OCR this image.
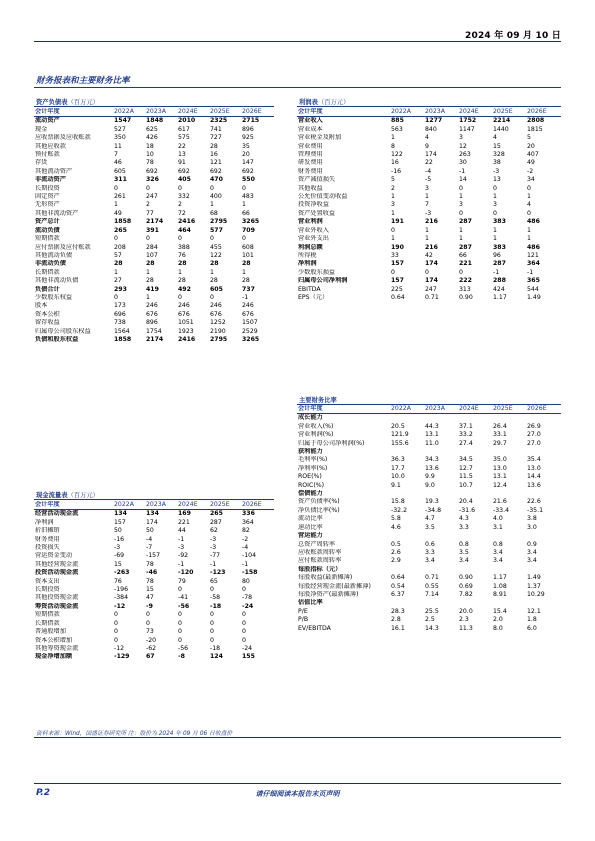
2024 年 09 月 10 日
财务报表和主要财务比率
资产负债表（百万元）
会计年度	2022A	2023A	2024E	2025E	2026E
流动资产	1547	1848	2010	2325	2715
现金	527	625	617	741	896
应收票据及应收账款	350	426	575	727	925
其他应收款	11	18	22	28	35
预付账款	7	10	13	16	20
存货	46	78	91	121	147
其他流动资产	605	692	692	692	692
非流动资产	311	326	405	470	550
长期投资	0	0	0	0	0
固定资产	261	247	332	400	483
无形资产	1	2	2	1	1
其他非流动资产	49	77	72	68	66
资产总计	1858	2174	2416	2795	3265
流动负债	265	391	464	577	709
短期借款	0	0	0	0	0
应付票据及应付账款	208	284	388	455	608
其他流动负债	57	107	76	122	101
非流动负债	28	28	28	28	28
长期借款	1	1	1	1	1
其他非流动负债	27	28	28	28	28
负债合计	293	419	492	605	737
少数股东权益	0	1	0	0	-1
股本	173	246	246	246	246
资本公积	696	676	676	676	676
留存收益	738	896	1051	1252	1507
归属母公司股东权益	1564	1754	1923	2190	2529
负债和股东权益	1858	2174	2416	2795	3265
现金流量表（百万元）
会计年度	2022A	2023A	2024E	2025E	2026E
经营活动现金流	134	134	169	265	336
净利润	157	174	221	287	364
折旧摊销	50	50	44	62	82
财务费用	-16	-4	-1	-3	-2
投资损失	-3	-7	-3	-3	-4
营运资金变动	-69	-157	-92	-77	-104
其他经营现金流	15	78	-1	-1	-1
投资活动现金流	-263	-46	-120	-123	-158
资本支出	76	78	79	65	80
长期投资	-196	15	0	0	0
其他投资现金流	-384	47	-41	-58	-78
筹资活动现金流	-12	-9	-56	-18	-24
短期借款	0	0	0	0	0
长期借款	0	0	0	0	0
普通股增加	0	73	0	0	0
资本公积增加	0	-20	0	0	0
其他筹资现金流	-12	-62	-56	-18	-24
现金净增加额	-129	67	-8	124	155
利润表（百万元）
会计年度	2022A	2023A	2024E	2025E	2026E
营业收入	885	1277	1752	2214	2808
营业成本	563	840	1147	1440	1815
营业税金及附加	1	4	3	4	5
营业费用	8	9	12	15	20
管理费用	122	174	263	328	407
研发费用	16	22	30	38	49
财务费用	-16	-4	-1	-3	-2
资产减值损失	5	-5	14	13	34
其他收益	2	3	0	0	0
公允价值变动收益	1	1	1	1	1
投资净收益	3	7	3	3	4
资产处置收益	1	-3	0	0	0
营业利润	191	216	287	383	486
营业外收入	0	1	1	1	1
营业外支出	1	1	1	1	1
利润总额	190	216	287	383	486
所得税	33	42	66	96	121
净利润	157	174	221	287	364
少数股东损益	0	0	0	-1	-1
归属母公司净利润	157	174	222	288	365
EBITDA	225	247	313	424	544
EPS（元）	0.64	0.71	0.90	1.17	1.49
主要财务比率
会计年度	2022A	2023A	2024E	2025E	2026E
成长能力					
营业收入(%)	20.5	44.3	37.1	26.4	26.9
营业利润(%)	121.9	13.1	33.2	33.1	27.0
归属于母公司净利润(%)	155.6	11.0	27.4	29.7	27.0
获利能力					
毛利率(%)	36.3	34.3	34.5	35.0	35.4
净利率(%)	17.7	13.6	12.7	13.0	13.0
ROE(%)	10.0	9.9	11.5	13.1	14.4
ROIC(%)	9.1	9.0	10.7	12.4	13.6
偿债能力					
资产负债率(%)	15.8	19.3	20.4	21.6	22.6
净负债比率(%)	-32.2	-34.8	-31.6	-33.4	-35.1
流动比率	5.8	4.7	4.3	4.0	3.8
速动比率	4.6	3.5	3.3	3.1	3.0
营运能力					
总资产周转率	0.5	0.6	0.8	0.8	0.9
应收账款周转率	2.6	3.3	3.5	3.4	3.4
应付账款周转率	2.9	3.4	3.4	3.4	3.4
每股指标（元）					
每股收益(最新摊薄)	0.64	0.71	0.90	1.17	1.49
每股经营现金流(最新摊薄)	0.54	0.55	0.69	1.08	1.37
每股净资产(最新摊薄)	6.37	7.14	7.82	8.91	10.29
估值比率					
P/E	28.3	25.5	20.0	15.4	12.1
P/B	2.8	2.5	2.3	2.0	1.8
EV/EBITDA	16.1	14.3	11.3	8.0	6.0
资料来源：Wind，国盛证券研究所 注：股价为 2024 年 09 月 06 日收盘价
P.2	请仔细阅读本报告末页声明
